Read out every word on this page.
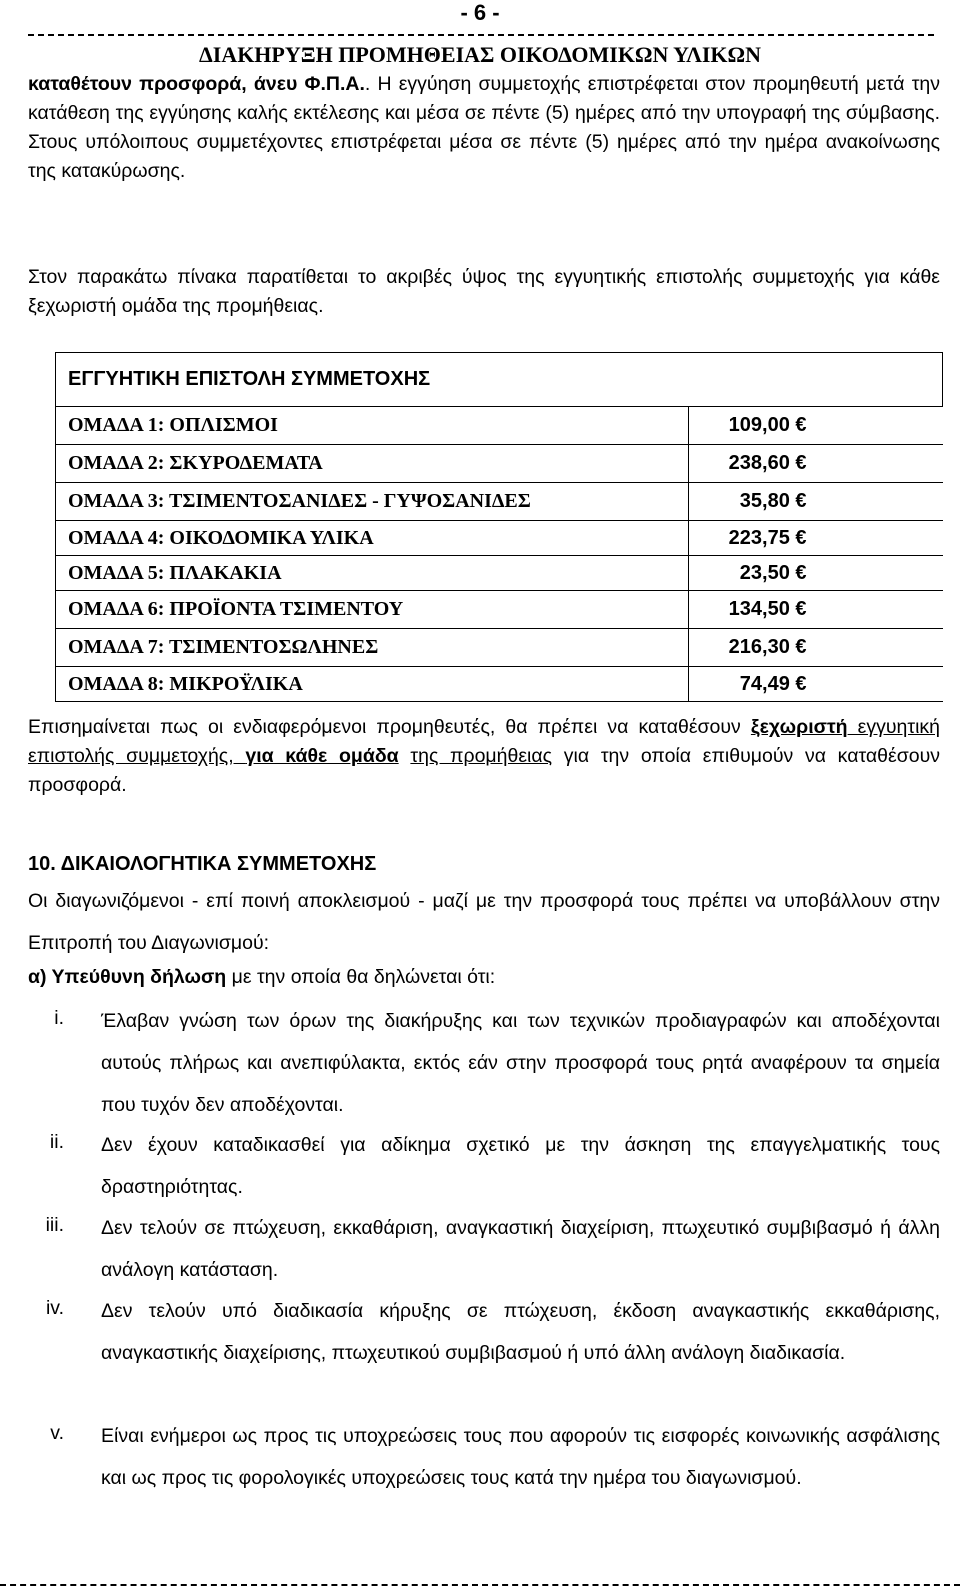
- 6 -
ΔΙΑΚΗΡΥΞΗ ΠΡΟΜΗΘΕΙΑΣ ΟΙΚΟΔΟΜΙΚΩΝ ΥΛΙΚΩΝ

καταθέτουν προσφορά, άνευ Φ.Π.Α.. Η εγγύηση συμμετοχής επιστρέφεται στον προμηθευτή μετά την κατάθεση της εγγύησης καλής εκτέλεσης και μέσα σε πέντε (5) ημέρες από την υπογραφή της σύμβασης. Στους υπόλοιπους συμμετέχοντες επιστρέφεται μέσα σε πέντε (5) ημέρες από την ημέρα ανακοίνωσης της κατακύρωσης.

Στον παρακάτω πίνακα παρατίθεται το ακριβές ύψος της εγγυητικής επιστολής συμμετοχής για κάθε ξεχωριστή ομάδα της προμήθειας.
ΕΓΓΥΗΤΙΚΗ ΕΠΙΣΤΟΛΗ ΣΥΜΜΕΤΟΧΗΣ	
ΟΜΑΔΑ 1: ΟΠΛΙΣΜΟΙ	109,00 €
ΟΜΑΔΑ 2: ΣΚΥΡΟΔΕΜΑΤΑ	238,60 €
ΟΜΑΔΑ 3: ΤΣΙΜΕΝΤΟΣΑΝΙΔΕΣ - ΓΥΨΟΣΑΝΙΔΕΣ	35,80 €
ΟΜΑΔΑ 4: ΟΙΚΟΔΟΜΙΚΑ ΥΛΙΚΑ	223,75 €
ΟΜΑΔΑ 5: ΠΛΑΚΑΚΙΑ	23,50 €
ΟΜΑΔΑ 6: ΠΡΟΪΟΝΤΑ ΤΣΙΜΕΝΤΟΥ	134,50 €
ΟΜΑΔΑ 7: ΤΣΙΜΕΝΤΟΣΩΛΗΝΕΣ	216,30 €
ΟΜΑΔΑ 8: ΜΙΚΡΟΫΛΙΚΑ	74,49 €
Επισημαίνεται πως οι ενδιαφερόμενοι προμηθευτές, θα πρέπει να καταθέσουν ξεχωριστή εγγυητική επιστολής συμμετοχής, για κάθε ομάδα της προμήθειας για την οποία επιθυμούν να καταθέσουν προσφορά.
10. ΔΙΚΑΙΟΛΟΓΗΤΙΚΑ ΣΥΜΜΕΤΟΧΗΣ
Οι διαγωνιζόμενοι - επί ποινή αποκλεισμού - μαζί με την προσφορά τους πρέπει να υποβάλλουν στην Επιτροπή του Διαγωνισμού:
α) Υπεύθυνη δήλωση με την οποία θα δηλώνεται ότι:
i. Έλαβαν γνώση των όρων της διακήρυξης και των τεχνικών προδιαγραφών και αποδέχονται αυτούς πλήρως και ανεπιφύλακτα, εκτός εάν στην προσφορά τους ρητά αναφέρουν τα σημεία που τυχόν δεν αποδέχονται.
ii. Δεν έχουν καταδικασθεί για αδίκημα σχετικό με την άσκηση της επαγγελματικής τους δραστηριότητας.
iii. Δεν τελούν σε πτώχευση, εκκαθάριση, αναγκαστική διαχείριση, πτωχευτικό συμβιβασμό ή άλλη ανάλογη κατάσταση.
iv. Δεν τελούν υπό διαδικασία κήρυξης σε πτώχευση, έκδοση αναγκαστικής εκκαθάρισης, αναγκαστικής διαχείρισης, πτωχευτικού συμβιβασμού ή υπό άλλη ανάλογη διαδικασία.
v. Είναι ενήμεροι ως προς τις υποχρεώσεις τους που αφορούν τις εισφορές κοινωνικής ασφάλισης και ως προς τις φορολογικές υποχρεώσεις τους κατά την ημέρα του διαγωνισμού.
